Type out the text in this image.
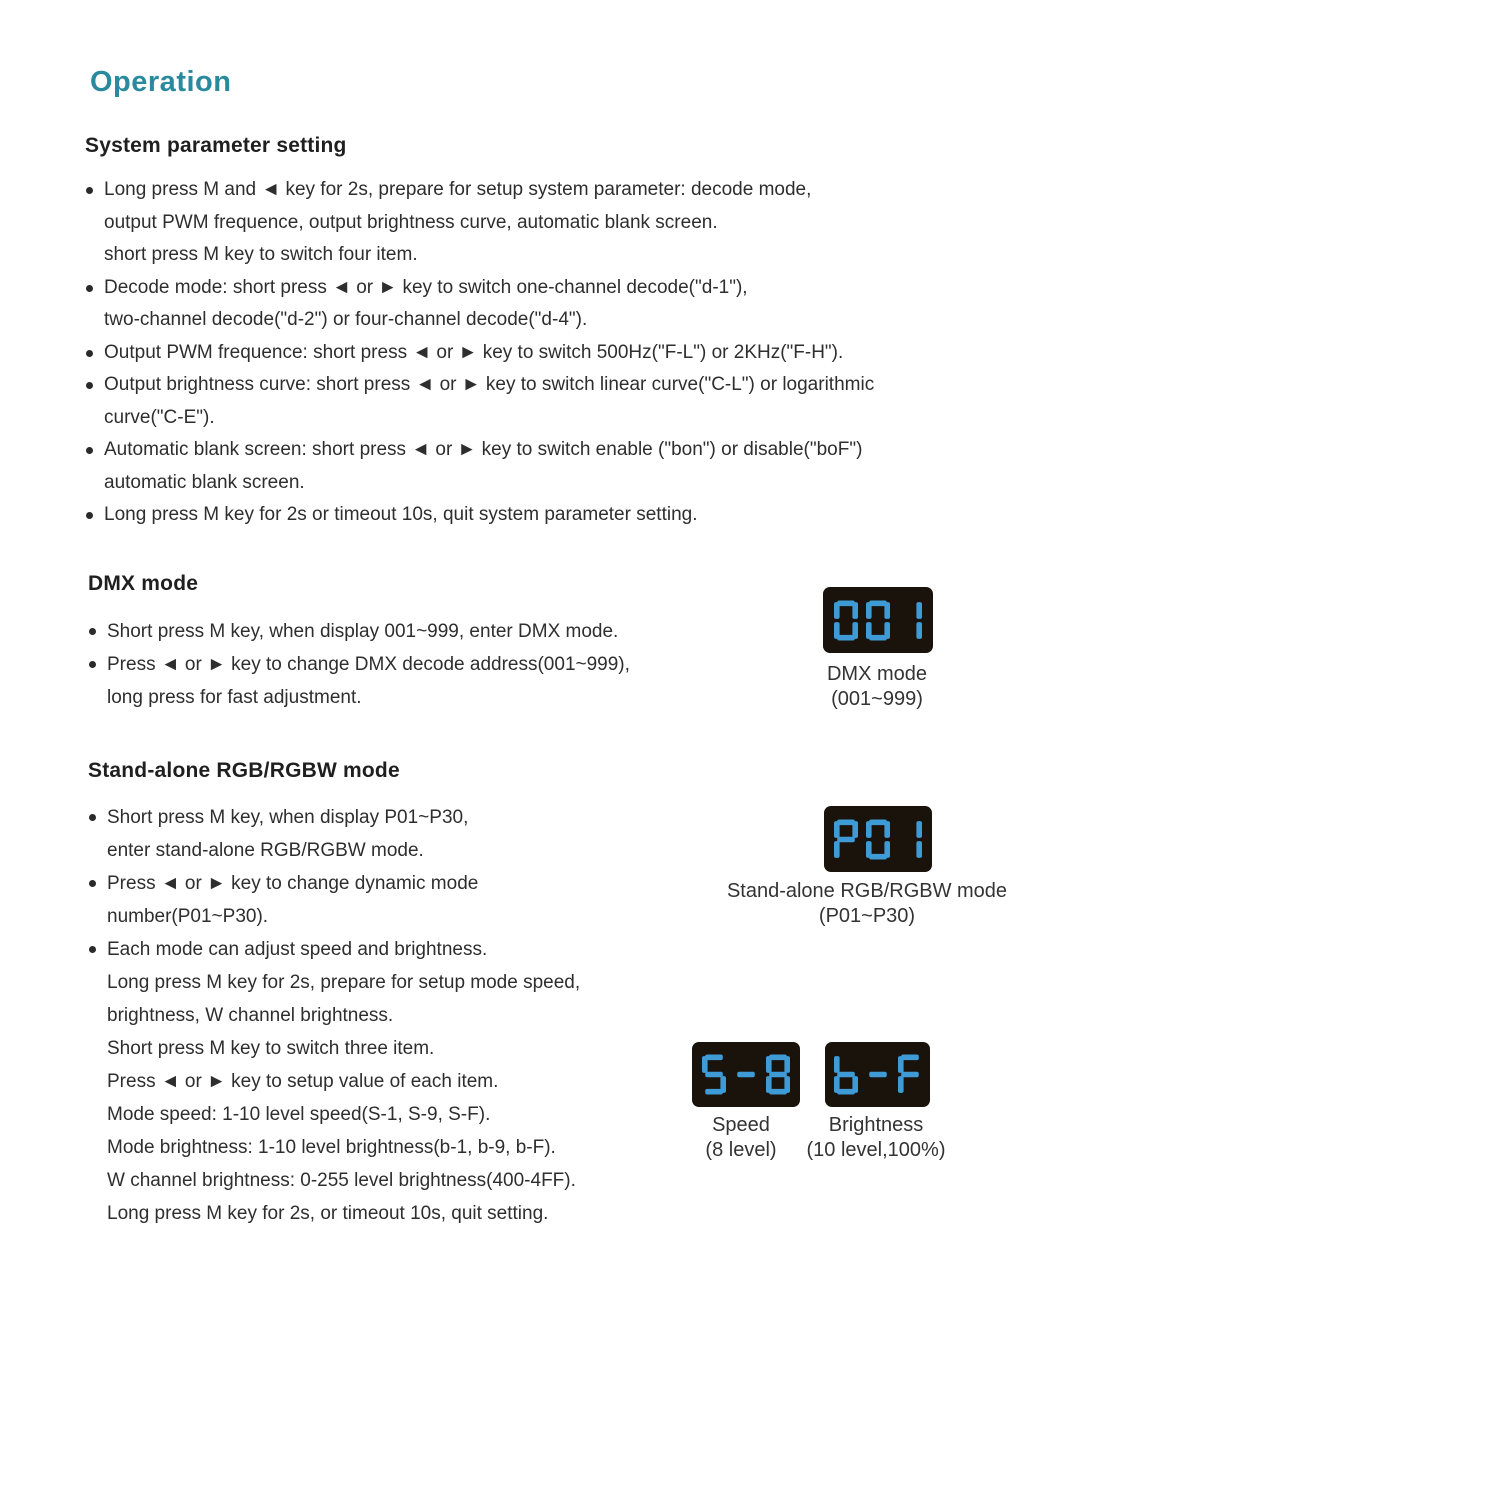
Operation
System parameter setting
Long press M and ◄ key for 2s, prepare for setup system parameter: decode mode,
output PWM frequence, output brightness curve, automatic blank screen.
short press M key to switch four item.
Decode mode: short press ◄ or ► key to switch one-channel decode("d-1"),
two-channel decode("d-2") or four-channel decode("d-4").
Output PWM frequence: short press ◄ or ► key to switch 500Hz("F-L") or 2KHz("F-H").
Output brightness curve: short press ◄ or ► key to switch linear curve("C-L") or logarithmic
curve("C-E").
Automatic blank screen: short press ◄ or ► key to switch enable ("bon") or disable("boF")
automatic blank screen.
Long press M key for 2s or timeout 10s, quit system parameter setting.
DMX mode
Short press M key, when display 001~999, enter DMX mode.
Press ◄ or ► key to change DMX decode address(001~999),
long press for fast adjustment.
DMX mode
(001~999)
Stand-alone RGB/RGBW mode
Short press M key, when display P01~P30,
enter stand-alone RGB/RGBW mode.
Press ◄ or ► key to change dynamic mode
number(P01~P30).
Each mode can adjust speed and brightness.
Long press M key for 2s, prepare for setup mode speed,
brightness, W channel brightness.
Short press M key to switch three item.
Press ◄ or ► key to setup value of each item.
Mode speed: 1-10 level speed(S-1, S-9, S-F).
Mode brightness: 1-10 level brightness(b-1, b-9, b-F).
W channel brightness: 0-255 level brightness(400-4FF).
Long press M key for 2s, or timeout 10s, quit setting.
Stand-alone RGB/RGBW mode
(P01~P30)
Speed
(8 level)
Brightness
(10 level,100%)
